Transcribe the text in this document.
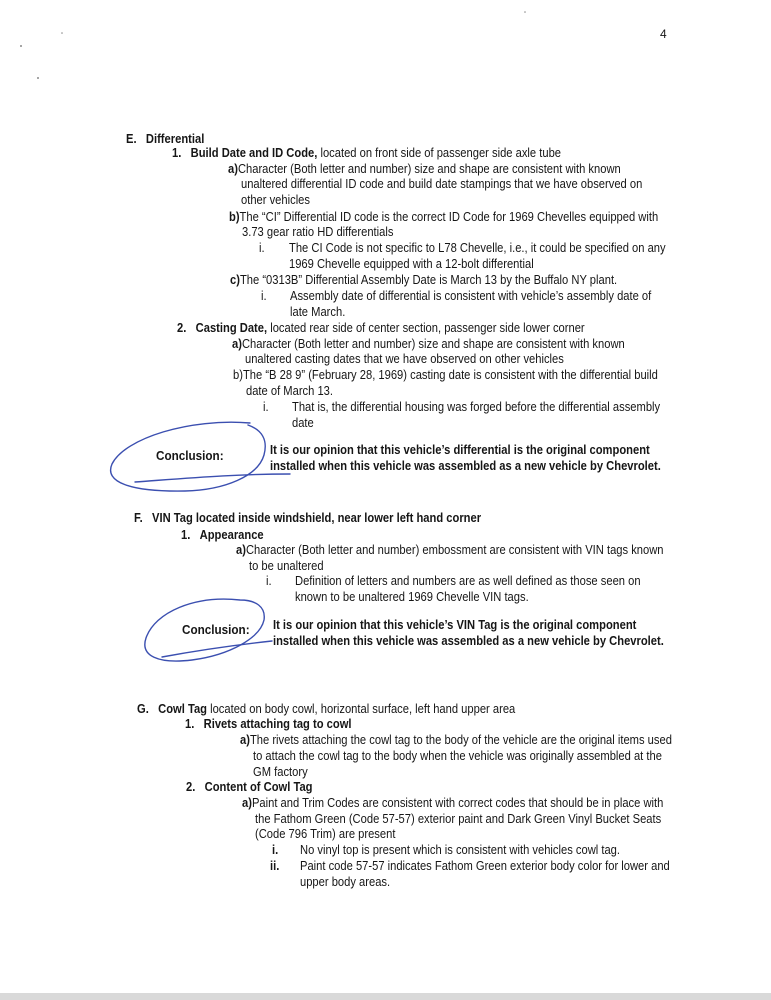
4
E. Differential
1. Build Date and ID Code, located on front side of passenger side axle tube
a)Character (Both letter and number) size and shape are consistent with known
unaltered differential ID code and build date stampings that we have observed on
other vehicles
b)The “CI” Differential ID code is the correct ID Code for 1969 Chevelles equipped with
3.73 gear ratio HD differentials
i. The CI Code is not specific to L78 Chevelle, i.e., it could be specified on any
1969 Chevelle equipped with a 12-bolt differential
c)The “0313B” Differential Assembly Date is March 13 by the Buffalo NY plant.
i. Assembly date of differential is consistent with vehicle’s assembly date of
late March.
2. Casting Date, located rear side of center section, passenger side lower corner
a)Character (Both letter and number) size and shape are consistent with known
unaltered casting dates that we have observed on other vehicles
b)The “B 28 9” (February 28, 1969) casting date is consistent with the differential build
date of March 13.
i. That is, the differential housing was forged before the differential assembly
date
Conclusion:	It is our opinion that this vehicle’s differential is the original component
installed when this vehicle was assembled as a new vehicle by Chevrolet.
F. VIN Tag located inside windshield, near lower left hand corner
1. Appearance
a)Character (Both letter and number) embossment are consistent with VIN tags known
to be unaltered
i. Definition of letters and numbers are as well defined as those seen on
known to be unaltered 1969 Chevelle VIN tags.
Conclusion: It is our opinion that this vehicle’s VIN Tag is the original component
installed when this vehicle was assembled as a new vehicle by Chevrolet.
G. Cowl Tag located on body cowl, horizontal surface, left hand upper area
1. Rivets attaching tag to cowl
a)The rivets attaching the cowl tag to the body of the vehicle are the original items used
to attach the cowl tag to the body when the vehicle was originally assembled at the
GM factory
2. Content of Cowl Tag
a)Paint and Trim Codes are consistent with correct codes that should be in place with
the Fathom Green (Code 57-57) exterior paint and Dark Green Vinyl Bucket Seats
(Code 796 Trim) are present
i. No vinyl top is present which is consistent with vehicles cowl tag.
ii. Paint code 57-57 indicates Fathom Green exterior body color for lower and
upper body areas.
